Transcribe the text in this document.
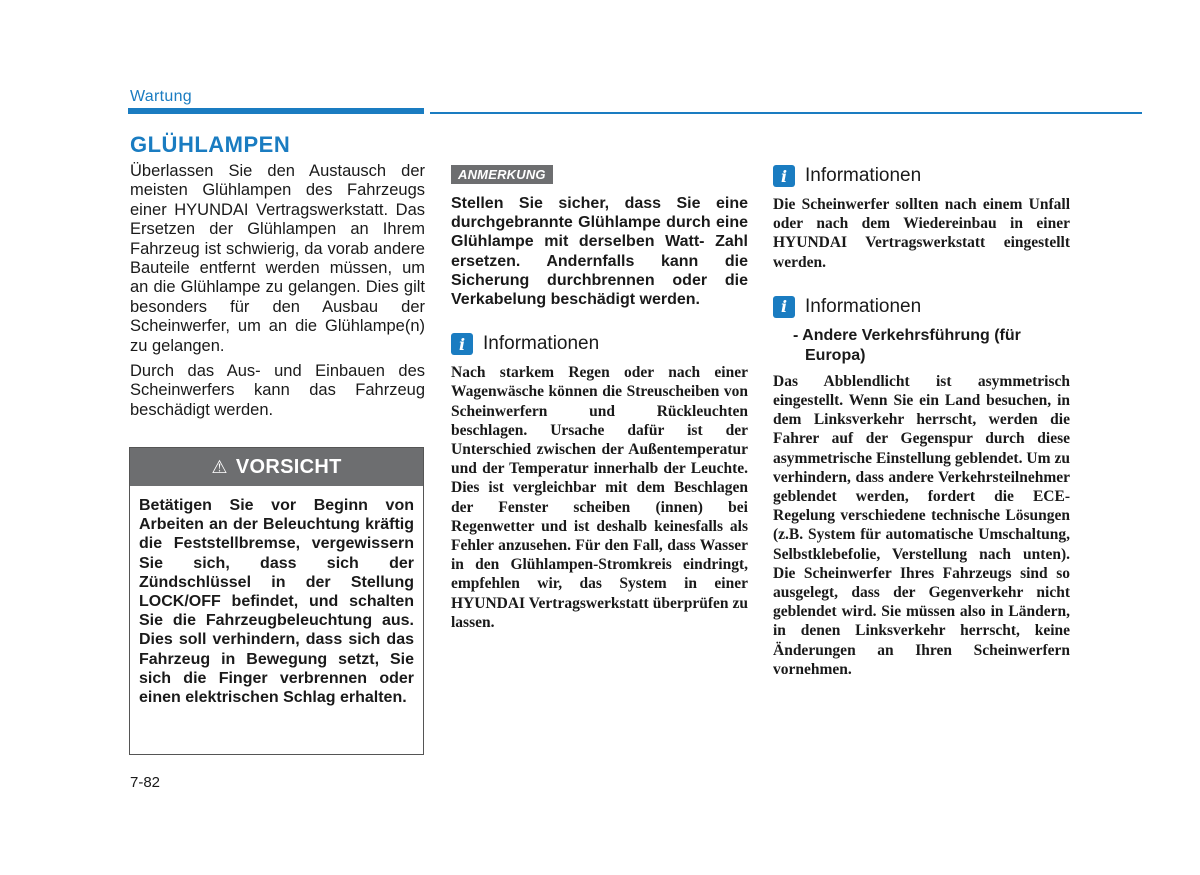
Wartung
GLÜHLAMPEN

Überlassen Sie den Austausch der meisten Glühlampen des Fahrzeugs einer HYUNDAI Vertragswerkstatt. Das Ersetzen der Glühlampen an Ihrem Fahrzeug ist schwierig, da vorab andere Bauteile entfernt werden müssen, um an die Glühlampe zu gelangen. Dies gilt besonders für den Ausbau der Scheinwerfer, um an die Glühlampe(n) zu gelangen.

Durch das Aus- und Einbauen des Scheinwerfers kann das Fahrzeug beschädigt werden.

⚠ VORSICHT
Betätigen Sie vor Beginn von Arbeiten an der Beleuchtung kräftig die Feststellbremse, vergewissern Sie sich, dass sich der Zündschlüssel in der Stellung LOCK/OFF befindet, und schalten Sie die Fahrzeugbeleuchtung aus. Dies soll verhindern, dass sich das Fahrzeug in Bewegung setzt, Sie sich die Finger verbrennen oder einen elektrischen Schlag erhalten.
ANMERKUNG
Stellen Sie sicher, dass Sie eine durchgebrannte Glühlampe durch eine Glühlampe mit derselben Watt- Zahl ersetzen. Andernfalls kann die Sicherung durchbrennen oder die Verkabelung beschädigt werden.
i Informationen

Nach starkem Regen oder nach einer Wagenwäsche können die Streuscheiben von Scheinwerfern und Rückleuchten beschlagen. Ursache dafür ist der Unterschied zwischen der Außentemperatur und der Temperatur innerhalb der Leuchte. Dies ist vergleichbar mit dem Beschlagen der Fenster scheiben (innen) bei Regenwetter und ist deshalb keinesfalls als Fehler anzusehen. Für den Fall, dass Wasser in den Glühlampen-Stromkreis eindringt, empfehlen wir, das System in einer HYUNDAI Vertragswerkstatt überprüfen zu lassen.

i Informationen

Die Scheinwerfer sollten nach einem Unfall oder nach dem Wiedereinbau in einer HYUNDAI Vertragswerkstatt eingestellt werden.

i Informationen

- Andere Verkehrsführung (für Europa)

Das Abblendlicht ist asymmetrisch eingestellt. Wenn Sie ein Land besuchen, in dem Linksverkehr herrscht, werden die Fahrer auf der Gegenspur durch diese asymmetrische Einstellung geblendet. Um zu verhindern, dass andere Verkehrsteilnehmer geblendet werden, fordert die ECE-Regelung verschiedene technische Lösungen (z.B. System für automatische Umschaltung, Selbstklebefolie, Verstellung nach unten). Die Scheinwerfer Ihres Fahrzeugs sind so ausgelegt, dass der Gegenverkehr nicht geblendet wird. Sie müssen also in Ländern, in denen Linksverkehr herrscht, keine Änderungen an Ihren Scheinwerfern vornehmen.

7-82
